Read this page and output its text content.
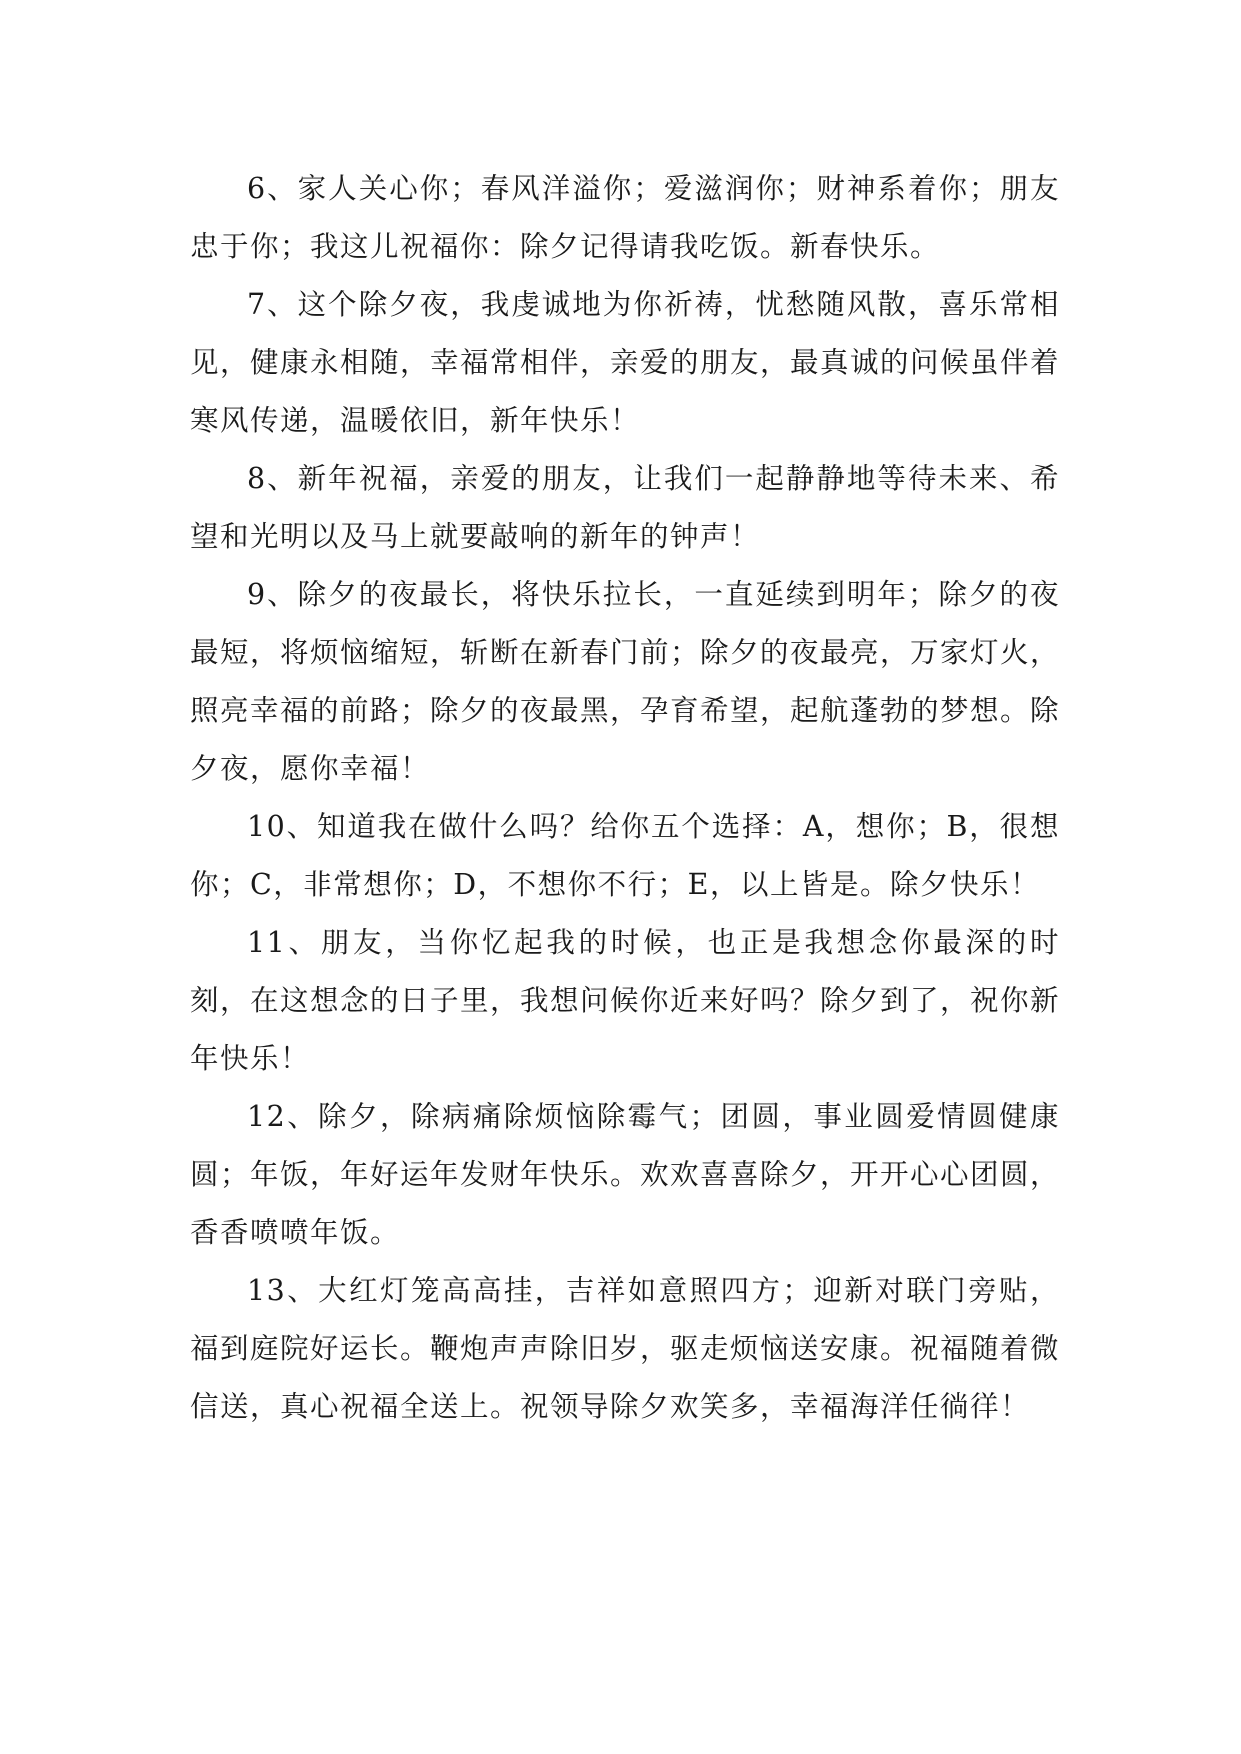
6、家人关心你；春风洋溢你；爱滋润你；财神系着你；朋友忠于你；我这儿祝福你：除夕记得请我吃饭。新春快乐。

7、这个除夕夜，我虔诚地为你祈祷，忧愁随风散，喜乐常相见，健康永相随，幸福常相伴，亲爱的朋友，最真诚的问候虽伴着寒风传递，温暖依旧，新年快乐！

8、新年祝福，亲爱的朋友，让我们一起静静地等待未来、希望和光明以及马上就要敲响的新年的钟声！

9、除夕的夜最长，将快乐拉长，一直延续到明年；除夕的夜最短，将烦恼缩短，斩断在新春门前；除夕的夜最亮，万家灯火，照亮幸福的前路；除夕的夜最黑，孕育希望，起航蓬勃的梦想。除夕夜，愿你幸福！

10、知道我在做什么吗？给你五个选择：A，想你；B，很想你；C，非常想你；D，不想你不行；E，以上皆是。除夕快乐！

11、朋友，当你忆起我的时候，也正是我想念你最深的时刻，在这想念的日子里，我想问候你近来好吗？除夕到了，祝你新年快乐！

12、除夕，除病痛除烦恼除霉气；团圆，事业圆爱情圆健康圆；年饭，年好运年发财年快乐。欢欢喜喜除夕，开开心心团圆，香香喷喷年饭。

13、大红灯笼高高挂，吉祥如意照四方；迎新对联门旁贴，福到庭院好运长。鞭炮声声除旧岁，驱走烦恼送安康。祝福随着微信送，真心祝福全送上。祝领导除夕欢笑多，幸福海洋任徜徉！
